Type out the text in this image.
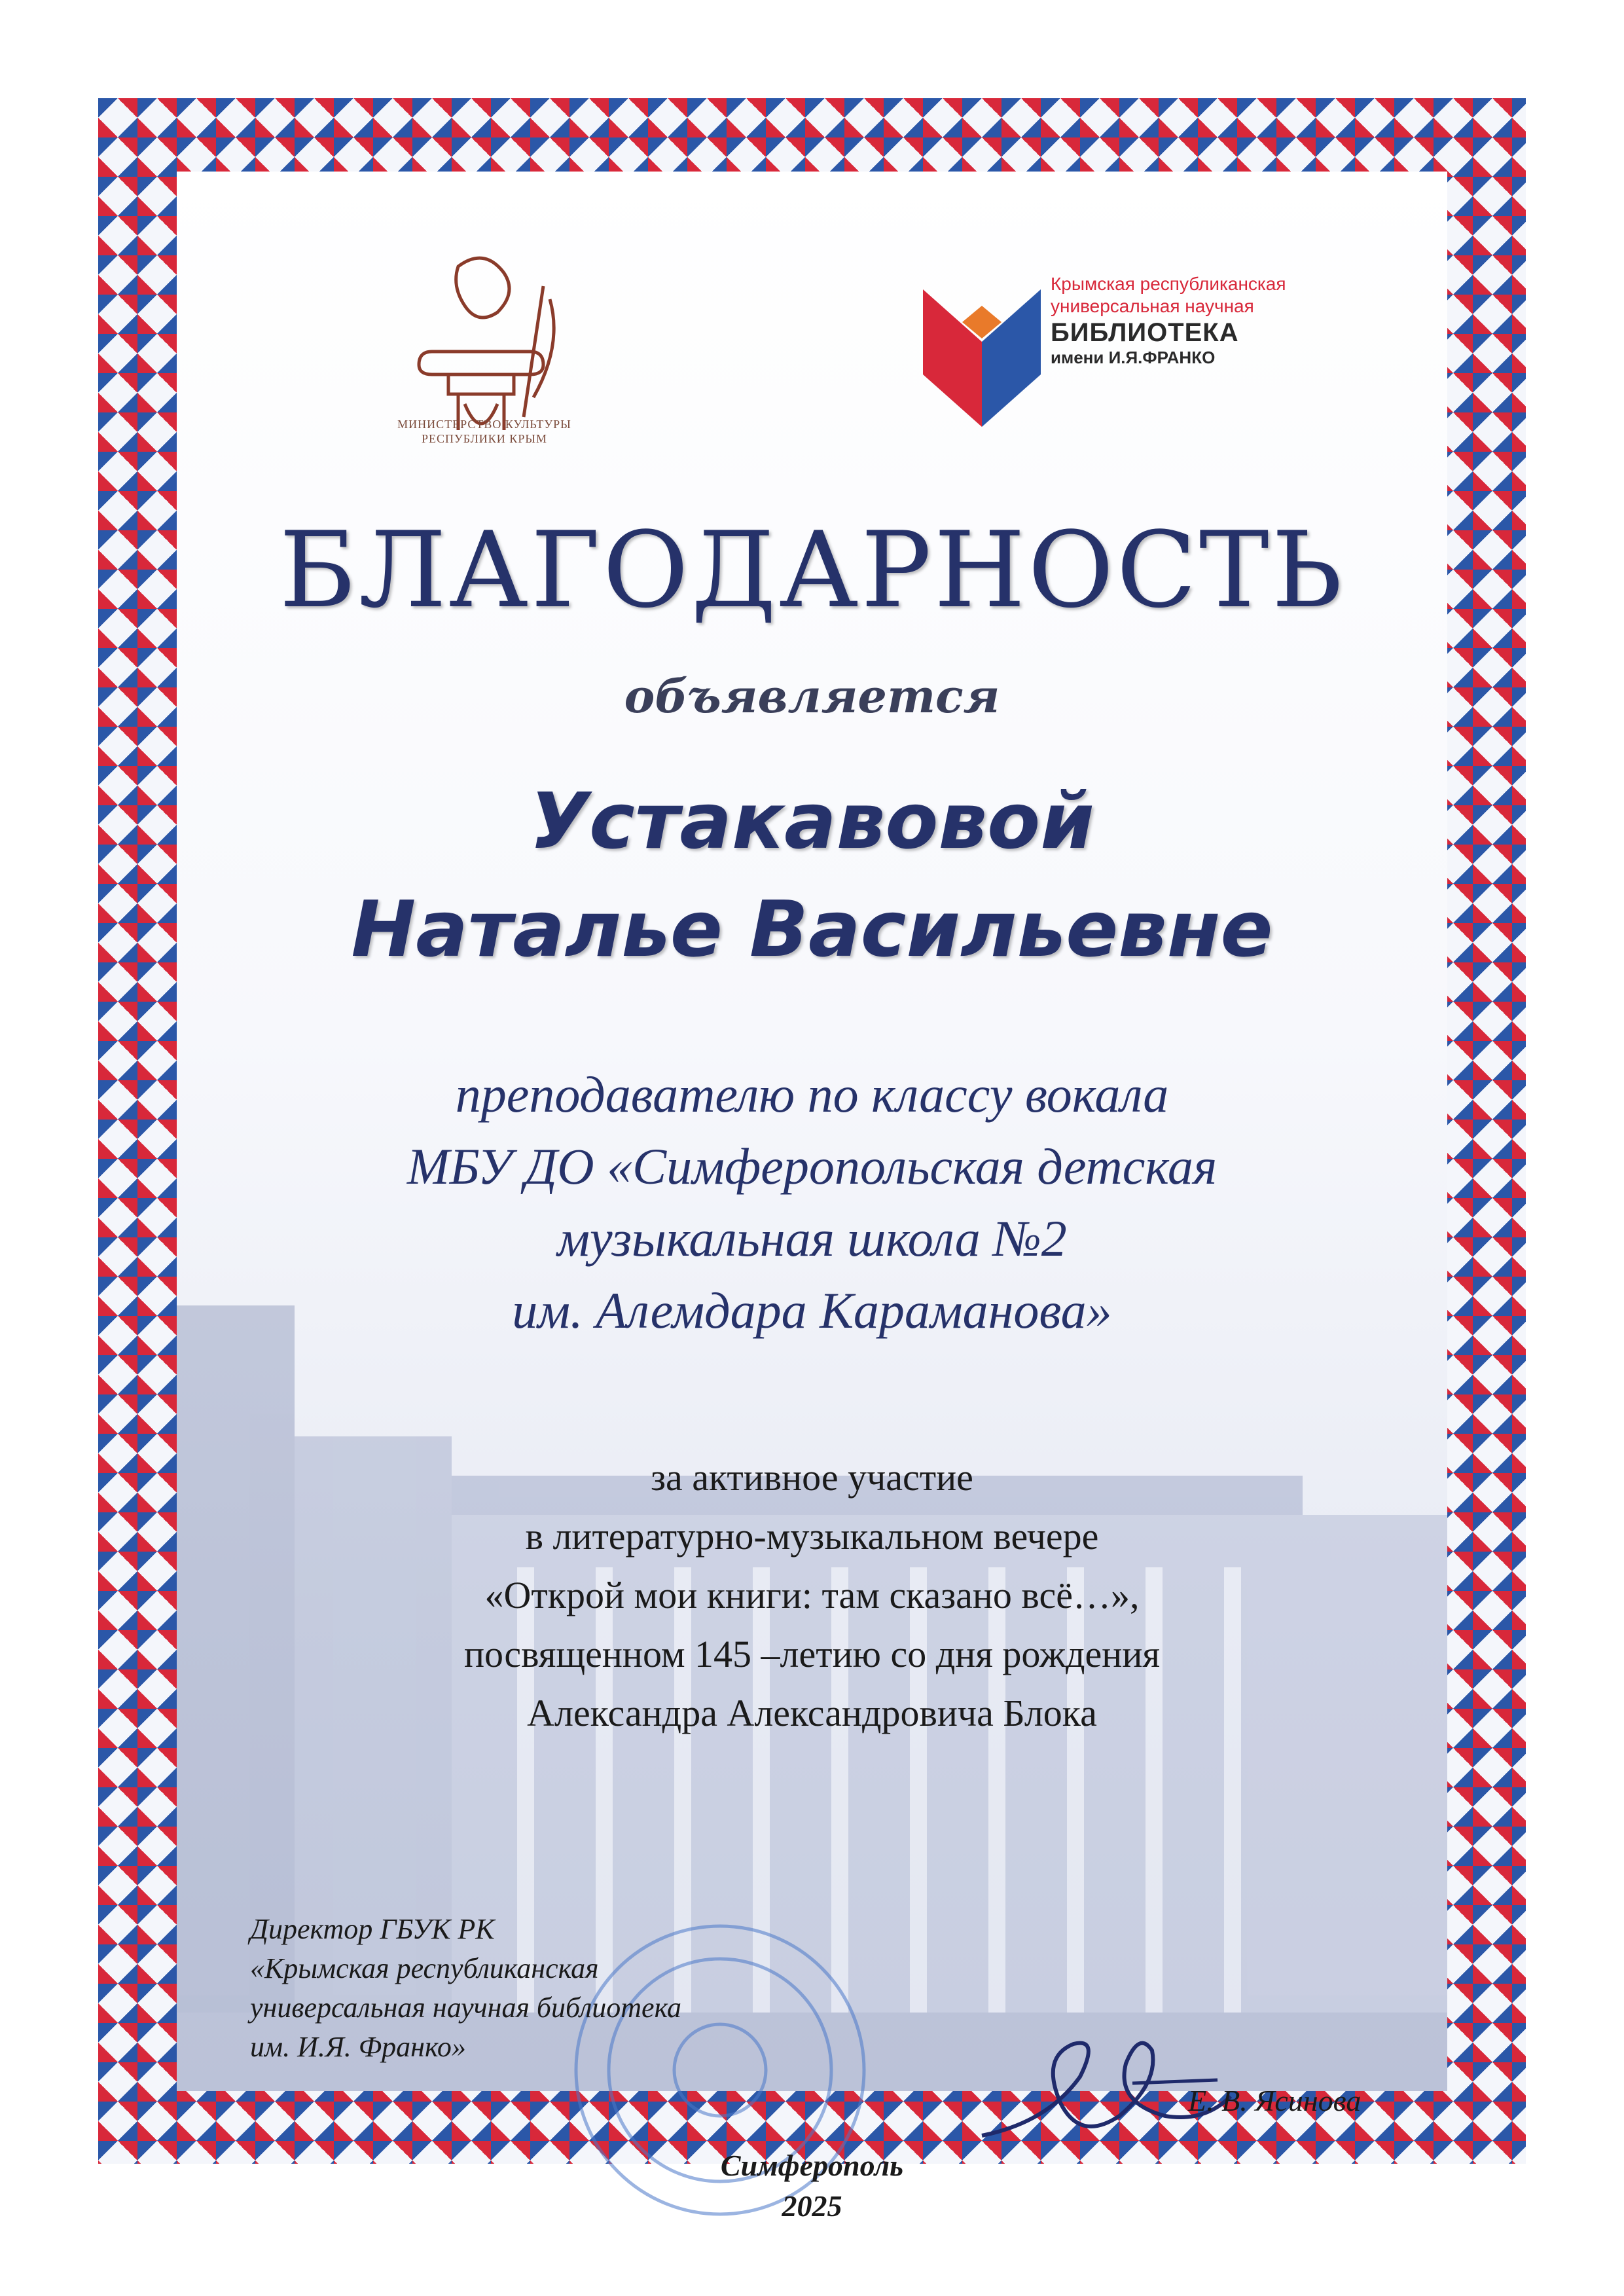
МИНИСТЕРСТВО КУЛЬТУРЫ
РЕСПУБЛИКИ КРЫМ
Крымская республиканская
универсальная научная
БИБЛИОТЕКА
имени И.Я.ФРАНКО
БЛАГОДАРНОСТЬ
объявляется
Устакавовой
Наталье Васильевне
преподавателю по классу вокала
МБУ ДО «Симферопольская детская
музыкальная школа №2
им. Алемдара Караманова»
за активное участие
в литературно-музыкальном вечере
«Открой мои книги: там сказано всё…»,
посвященном 145 –летию со дня рождения
Александра Александровича Блока
Директор ГБУК РК
«Крымская республиканская
универсальная научная библиотека
им. И.Я. Франко»
Е. В. Ясинова
Симферополь
2025
